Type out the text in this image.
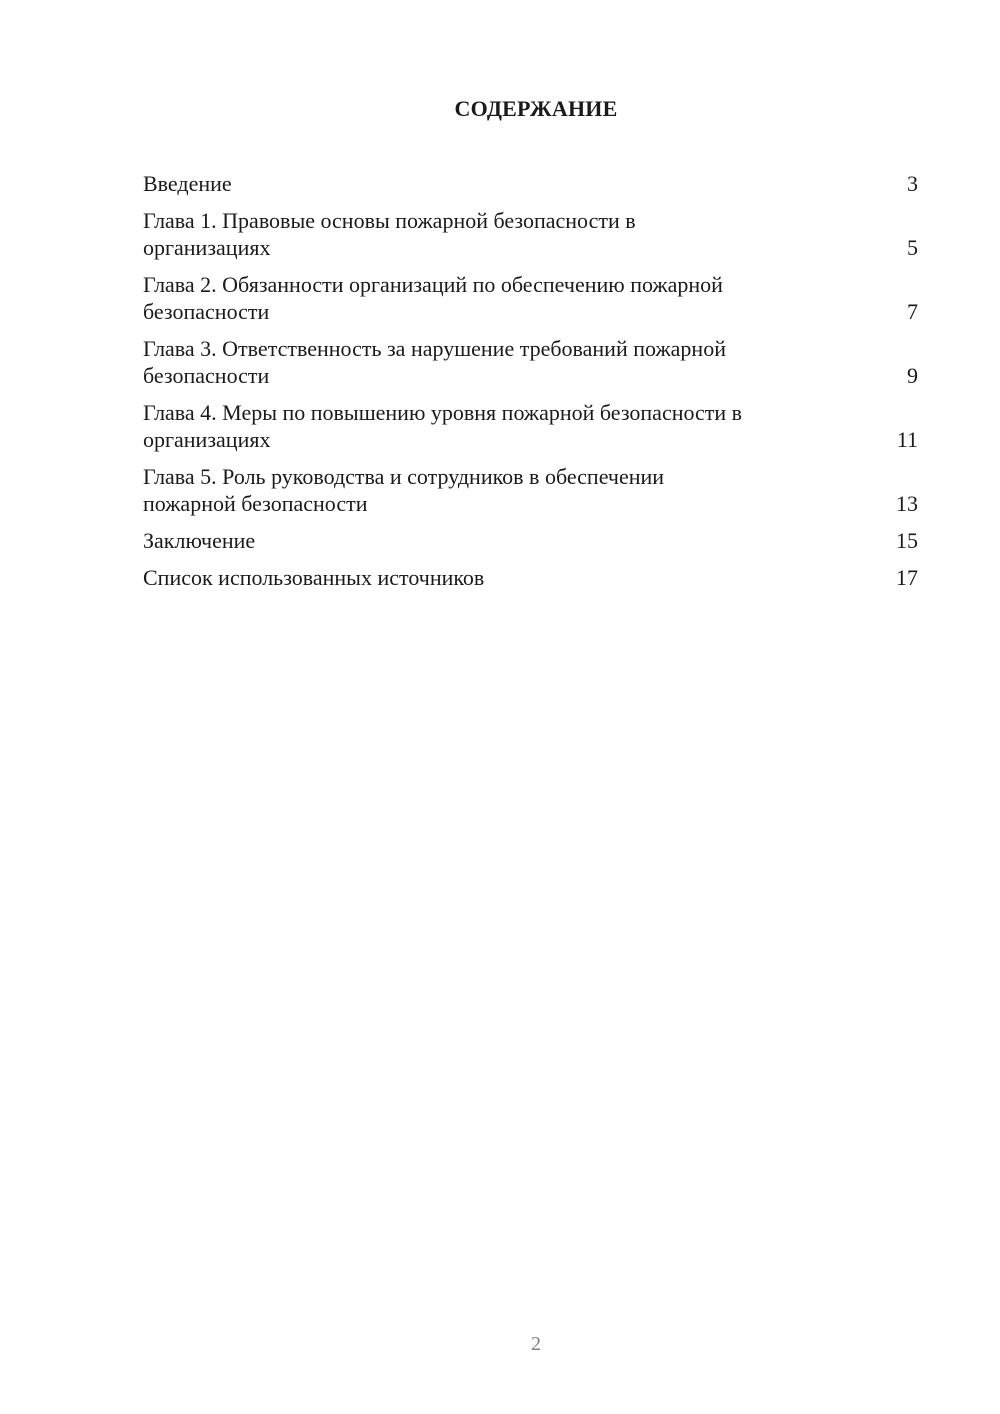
СОДЕРЖАНИЕ
Введение	3
Глава 1. Правовые основы пожарной безопасности в
организациях	5
Глава 2. Обязанности организаций по обеспечению пожарной
безопасности	7
Глава 3. Ответственность за нарушение требований пожарной
безопасности	9
Глава 4. Меры по повышению уровня пожарной безопасности в
организациях	11
Глава 5. Роль руководства и сотрудников в обеспечении
пожарной безопасности	13
Заключение	15
Список использованных источников	17
2
